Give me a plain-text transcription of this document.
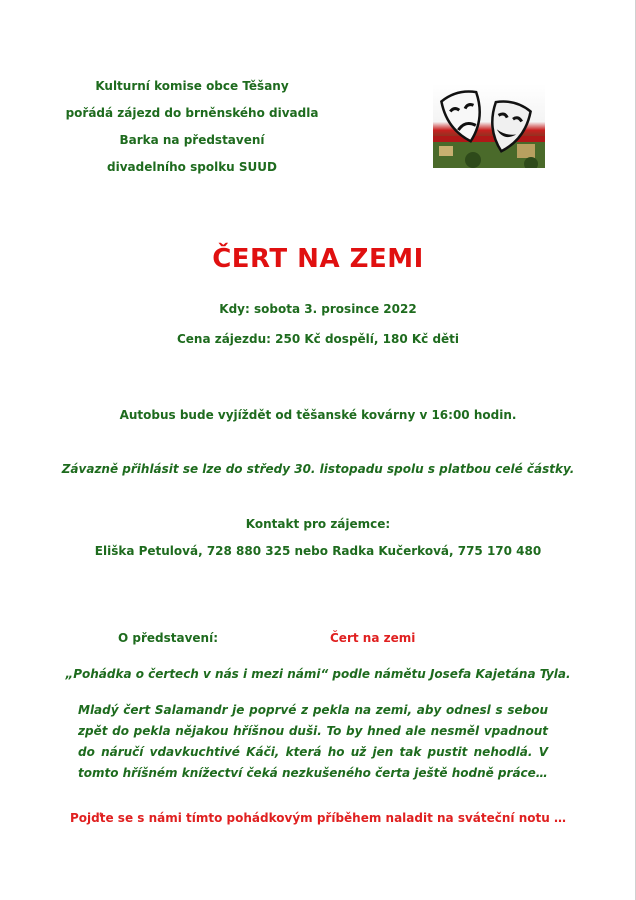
Kulturní komise obce Těšany
pořádá zájezd do brněnského divadla
Barka na představení
divadelního spolku SUUD
ČERT NA ZEMI
Kdy: sobota 3. prosince 2022
Cena zájezdu: 250 Kč dospělí, 180 Kč děti
Autobus bude vyjíždět od těšanské kovárny v 16:00 hodin.
Závazně přihlásit se lze do středy 30. listopadu spolu s platbou celé částky.
Kontakt pro zájemce:
Eliška Petulová, 728 880 325 nebo Radka Kučerková, 775 170 480
O představení:	Čert na zemi
„Pohádka o čertech v nás i mezi námi“ podle námětu Josefa Kajetána Tyla.
Mladý čert Salamandr je poprvé z pekla na zemi, aby odnesl s sebou zpět do pekla nějakou hříšnou duši. To by hned ale nesměl vpadnout do náručí vdavkuchtivé Káči, která ho už jen tak pustit nehodlá. V tomto hříšném knížectví čeká nezkušeného čerta ještě hodně práce…
Pojďte se s námi tímto pohádkovým příběhem naladit na sváteční notu …
